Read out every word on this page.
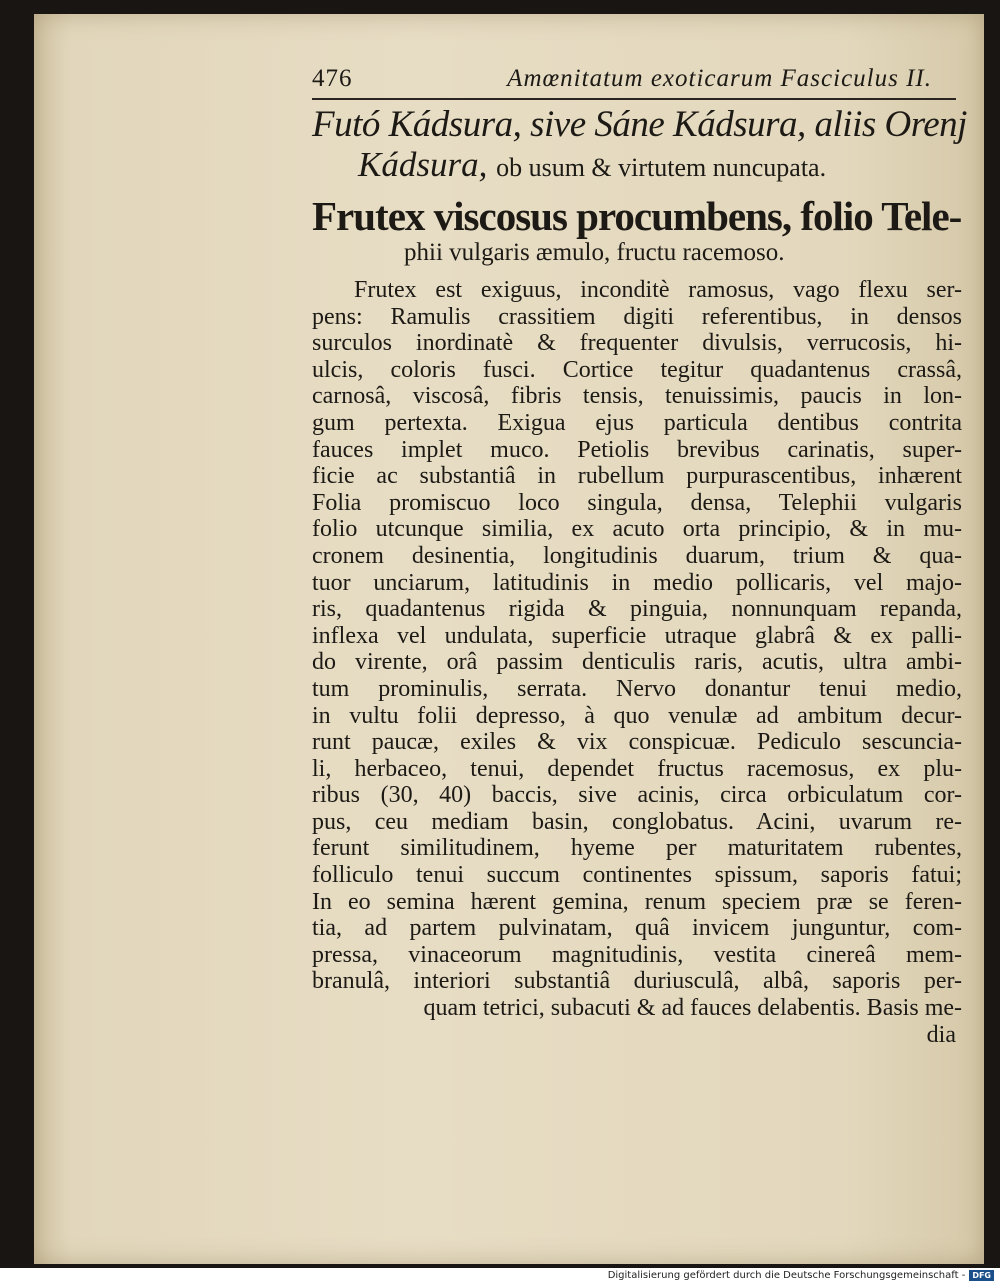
476	Amœnitatum exoticarum Fasciculus II.
Futó Kádsura, sive Sáne Kádsura, aliis Orenj
Kádsura, ob usum & virtutem nuncupata.
Frutex viscosus procumbens, folio Tele-
phii vulgaris æmulo, fructu racemoso.
Frutex est exiguus, inconditè ramosus, vago flexu ser-
pens: Ramulis crassitiem digiti referentibus, in densos
surculos inordinatè & frequenter divulsis, verrucosis, hi-
ulcis, coloris fusci. Cortice tegitur quadantenus crassâ,
carnosâ, viscosâ, fibris tensis, tenuissimis, paucis in lon-
gum pertexta. Exigua ejus particula dentibus contrita
fauces implet muco. Petiolis brevibus carinatis, super-
ficie ac substantiâ in rubellum purpurascentibus, inhærent
Folia promiscuo loco singula, densa, Telephii vulgaris
folio utcunque similia, ex acuto orta principio, & in mu-
cronem desinentia, longitudinis duarum, trium & qua-
tuor unciarum, latitudinis in medio pollicaris, vel majo-
ris, quadantenus rigida & pinguia, nonnunquam repanda,
inflexa vel undulata, superficie utraque glabrâ & ex palli-
do virente, orâ passim denticulis raris, acutis, ultra ambi-
tum prominulis, serrata. Nervo donantur tenui medio,
in vultu folii depresso, à quo venulæ ad ambitum decur-
runt paucæ, exiles & vix conspicuæ. Pediculo sescuncia-
li, herbaceo, tenui, dependet fructus racemosus, ex plu-
ribus (30, 40) baccis, sive acinis, circa orbiculatum cor-
pus, ceu mediam basin, conglobatus. Acini, uvarum re-
ferunt similitudinem, hyeme per maturitatem rubentes,
folliculo tenui succum continentes spissum, saporis fatui;
In eo semina hærent gemina, renum speciem præ se feren-
tia, ad partem pulvinatam, quâ invicem junguntur, com-
pressa, vinaceorum magnitudinis, vestita cinereâ mem-
branulâ, interiori substantiâ duriusculâ, albâ, saporis per-
quam tetrici, subacuti & ad fauces delabentis. Basis me-
dia
Digitalisierung gefördert durch die Deutsche Forschungsgemeinschaft - DFG
